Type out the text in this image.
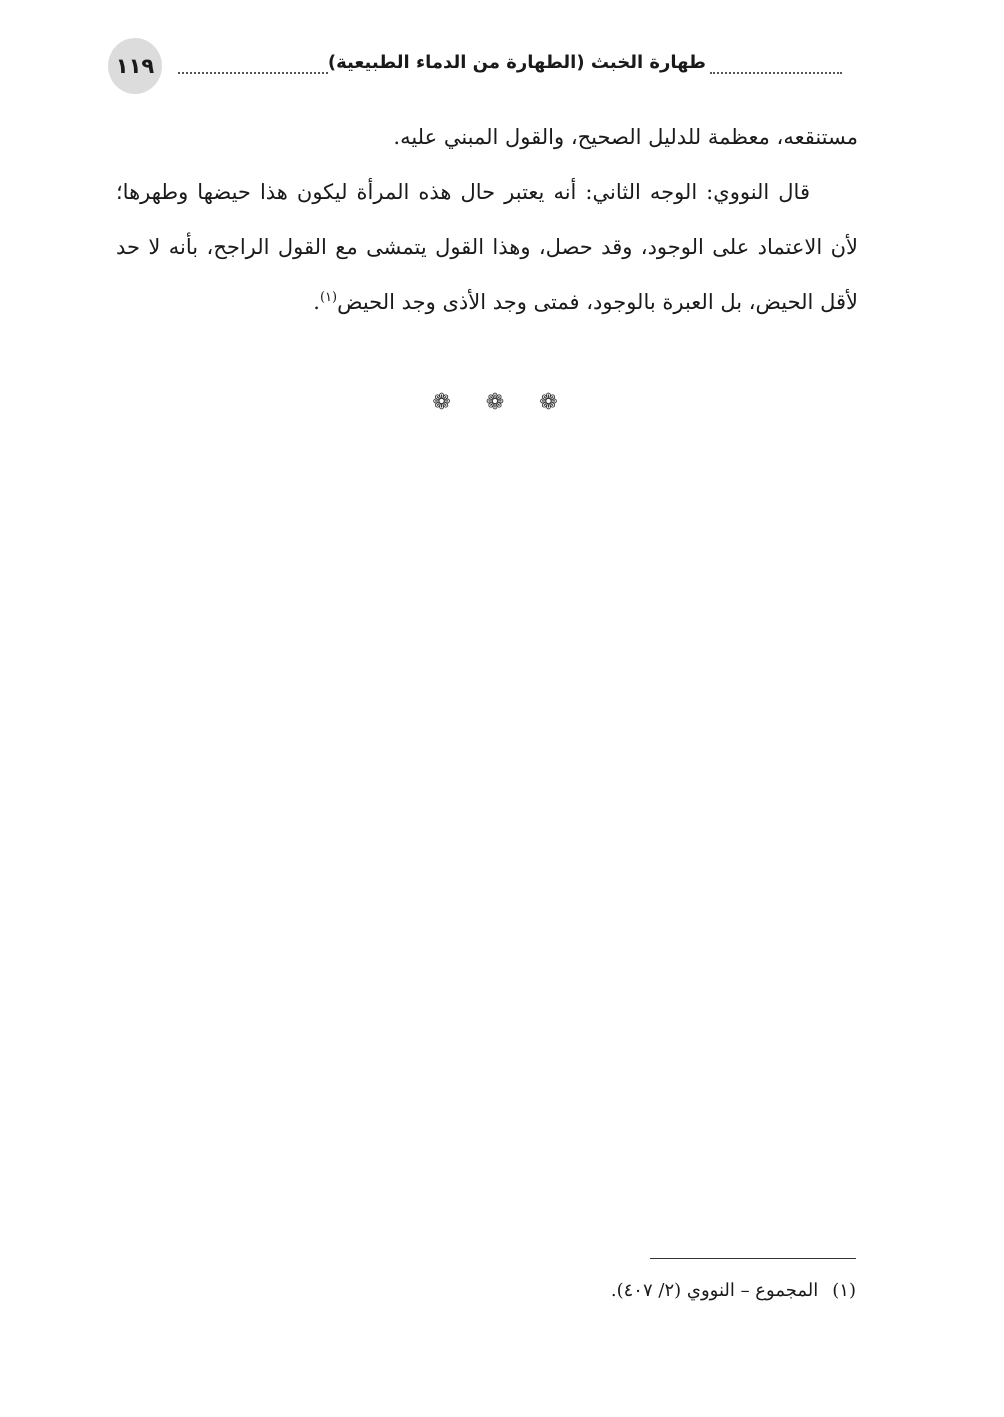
١١٩	طهارة الخبث (الطهارة من الدماء الطبيعية)

مستنقعه، معظمة للدليل الصحيح، والقول المبني عليه.

قال النووي: الوجه الثاني: أنه يعتبر حال هذه المرأة ليكون هذا حيضها وطهرها؛ لأن الاعتماد على الوجود، وقد حصل، وهذا القول يتمشى مع القول الراجح، بأنه لا حد لأقل الحيض، بل العبرة بالوجود، فمتى وجد الأذى وجد الحيض$^{(١)}$.

❁ ❁ ❁
(١)المجموع – النووي (٢/ ٤٠٧).
